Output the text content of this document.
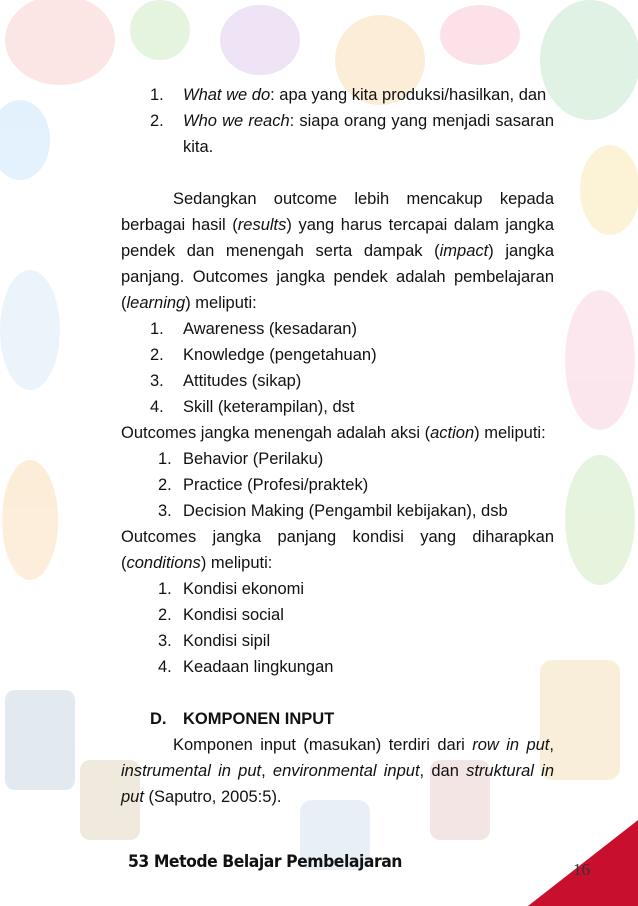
1. What we do: apa yang kita produksi/hasilkan, dan
2. Who we reach: siapa orang yang menjadi sasaran
kita.
Sedangkan outcome lebih mencakup kepada
berbagai hasil (results) yang harus tercapai dalam jangka
pendek dan menengah serta dampak (impact) jangka
panjang. Outcomes jangka pendek adalah pembelajaran
(learning) meliputi:
1. Awareness (kesadaran)
2. Knowledge (pengetahuan)
3. Attitudes (sikap)
4. Skill (keterampilan), dst
Outcomes jangka menengah adalah aksi (action) meliputi:
1. Behavior (Perilaku)
2. Practice (Profesi/praktek)
3. Decision Making (Pengambil kebijakan), dsb
Outcomes jangka panjang kondisi yang diharapkan
(conditions) meliputi:
1. Kondisi ekonomi
2. Kondisi social
3. Kondisi sipil
4. Keadaan lingkungan
D. KOMPONEN INPUT
Komponen input (masukan) terdiri dari row in put,
instrumental in put, environmental input, dan struktural in
put (Saputro, 2005:5).
53 Metode Belajar Pembelajaran	16
